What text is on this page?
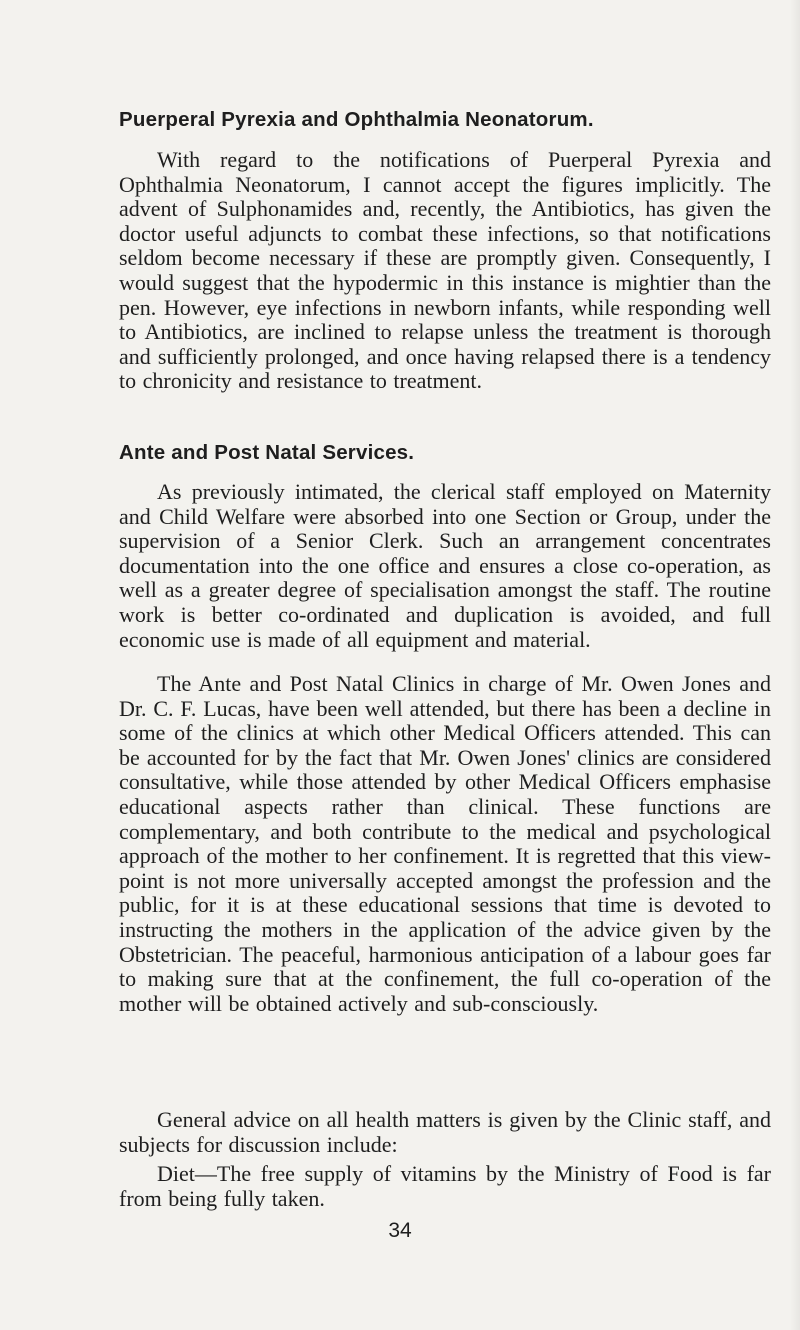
Puerperal Pyrexia and Ophthalmia Neonatorum.
With regard to the notifications of Puerperal Pyrexia and Ophthalmia Neonatorum, I cannot accept the figures implicitly. The advent of Sulphonamides and, recently, the Antibiotics, has given the doctor useful adjuncts to combat these infections, so that notifications seldom become necessary if these are promptly given. Consequently, I would suggest that the hypodermic in this instance is mightier than the pen. However, eye infections in newborn infants, while responding well to Antibiotics, are inclined to relapse unless the treatment is thorough and sufficiently prolonged, and once having relapsed there is a tendency to chronicity and resistance to treatment.
Ante and Post Natal Services.
As previously intimated, the clerical staff employed on Maternity and Child Welfare were absorbed into one Section or Group, under the supervision of a Senior Clerk. Such an arrangement concentrates documentation into the one office and ensures a close co-operation, as well as a greater degree of specialisation amongst the staff. The routine work is better co-ordinated and duplication is avoided, and full economic use is made of all equipment and material.
The Ante and Post Natal Clinics in charge of Mr. Owen Jones and Dr. C. F. Lucas, have been well attended, but there has been a decline in some of the clinics at which other Medical Officers attended. This can be accounted for by the fact that Mr. Owen Jones' clinics are considered consultative, while those attended by other Medical Officers emphasise educational aspects rather than clinical. These functions are complementary, and both contribute to the medical and psychological approach of the mother to her confinement. It is regretted that this view-point is not more universally accepted amongst the profession and the public, for it is at these educational sessions that time is devoted to instructing the mothers in the application of the advice given by the Obstetrician. The peaceful, harmonious anticipation of a labour goes far to making sure that at the confinement, the full co-operation of the mother will be obtained actively and sub-consciously.
General advice on all health matters is given by the Clinic staff, and subjects for discussion include:
Diet—The free supply of vitamins by the Ministry of Food is far from being fully taken.
34
